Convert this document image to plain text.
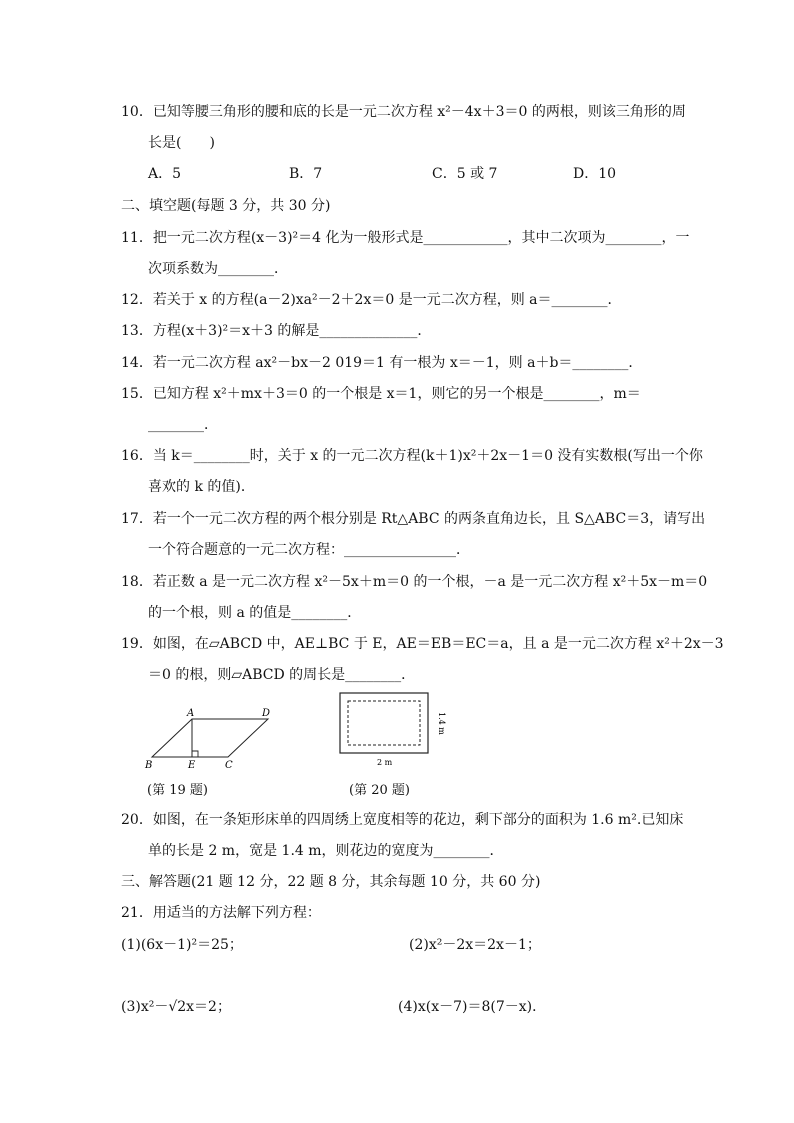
10．已知等腰三角形的腰和底的长是一元二次方程 x²－4x＋3＝0 的两根，则该三角形的周
长是(　　)
A．5	B．7	C．5 或 7	D．10
二、填空题(每题 3 分，共 30 分)
11．把一元二次方程(x－3)²＝4 化为一般形式是____________，其中二次项为________，一
次项系数为________．
12．若关于 x 的方程(a－2)xa²－2＋2x＝0 是一元二次方程，则 a＝________．
13．方程(x＋3)²＝x＋3 的解是______________．
14．若一元二次方程 ax²－bx－2 019＝1 有一根为 x＝－1，则 a＋b＝________．
15．已知方程 x²＋mx＋3＝0 的一个根是 x＝1，则它的另一个根是________，m＝
________．
16．当 k＝________时，关于 x 的一元二次方程(k＋1)x²＋2x－1＝0 没有实数根(写出一个你
喜欢的 k 的值)．
17．若一个一元二次方程的两个根分别是 Rt△ABC 的两条直角边长，且 S△ABC＝3，请写出
一个符合题意的一元二次方程：________________．
18．若正数 a 是一元二次方程 x²－5x＋m＝0 的一个根，－a 是一元二次方程 x²＋5x－m＝0
的一个根，则 a 的值是________．
19．如图，在▱ABCD 中，AE⊥BC 于 E，AE＝EB＝EC＝a，且 a 是一元二次方程 x²＋2x－3
＝0 的根，则▱ABCD 的周长是________．
A	D
B	E	C
(第 19 题)
2 m
1.4 m
(第 20 题)
20．如图，在一条矩形床单的四周绣上宽度相等的花边，剩下部分的面积为 1.6 m².已知床
单的长是 2 m，宽是 1.4 m，则花边的宽度为________．
三、解答题(21 题 12 分，22 题 8 分，其余每题 10 分，共 60 分)
21．用适当的方法解下列方程：
(1)(6x－1)²＝25；	(2)x²－2x＝2x－1；
(3)x²－√2x＝2；	(4)x(x－7)＝8(7－x)．
